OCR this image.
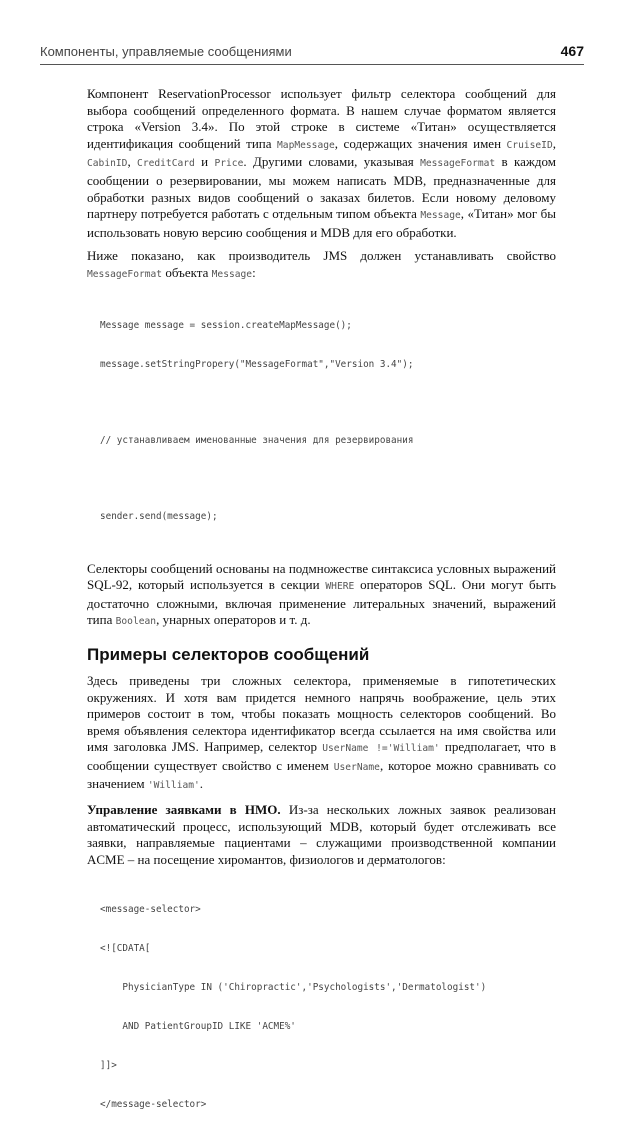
Компоненты, управляемые сообщениями	467

Компонент ReservationProcessor использует фильтр селектора сообщений для выбора сообщений определенного формата. В нашем случае форматом является строка «Version 3.4». По этой строке в системе «Титан» осуществляется идентификация сообщений типа MapMessage, содержащих значения имен CruiseID, CabinID, CreditCard и Price. Другими словами, указывая MessageFormat в каждом сообщении о резервировании, мы можем написать MDB, предназначенные для обработки разных видов сообщений о заказах билетов. Если новому деловому партнеру потребуется работать с отдельным типом объекта Message, «Титан» мог бы использовать новую версию сообщения и MDB для его обработки.

Ниже показано, как производитель JMS должен устанавливать свойство MessageFormat объекта Message:

Message message = session.createMapMessage();

message.setStringPropery("MessageFormat","Version 3.4");

// устанавливаем именованные значения для резервирования

sender.send(message);

Селекторы сообщений основаны на подмножестве синтаксиса условных выражений SQL-92, который используется в секции WHERE операторов SQL. Они могут быть достаточно сложными, включая применение литеральных значений, выражений типа Boolean, унарных операторов и т. д.

Примеры селекторов сообщений

Здесь приведены три сложных селектора, применяемые в гипотетических окружениях. И хотя вам придется немного напрячь воображение, цель этих примеров состоит в том, чтобы показать мощность селекторов сообщений. Во время объявления селектора идентификатор всегда ссылается на имя свойства или имя заголовка JMS. Например, селектор UserName !='William' предполагает, что в сообщении существует свойство с именем UserName, которое можно сравнивать со значением 'William'.

Управление заявками в НМО. Из-за нескольких ложных заявок реализован автоматический процесс, использующий MDB, который будет отслеживать все заявки, направляемые пациентами – служащими производственной компании ACME – на посещение хиромантов, физиологов и дерматологов:

<message-selector>

<![CDATA[

PhysicianType IN ('Chiropractic','Psychologists','Dermatologist')

AND PatientGroupID LIKE 'ACME%'

]]>

</message-selector>
